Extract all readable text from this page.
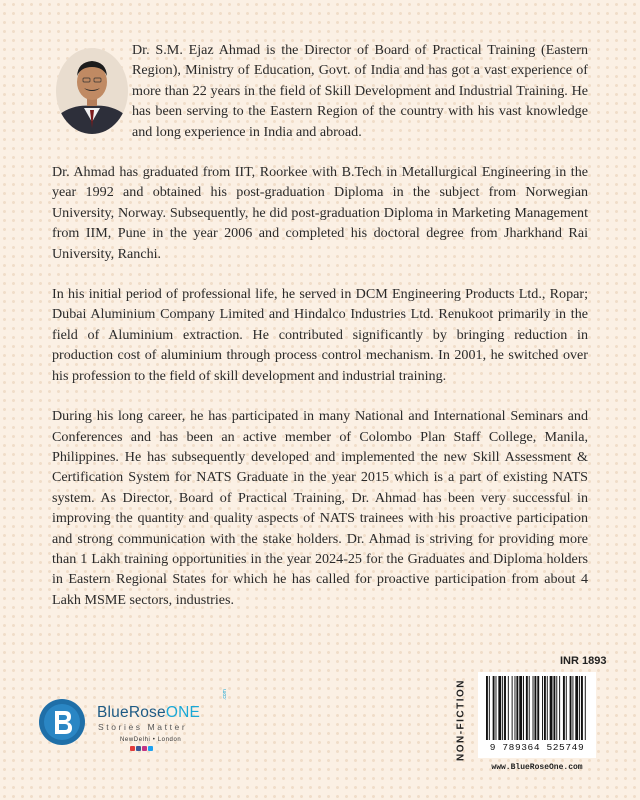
Dr. S.M. Ejaz Ahmad is the Director of Board of Practical Training (Eastern Region), Ministry of Education, Govt. of India and has got a vast experience of more than 22 years in the field of Skill Development and Industrial Training. He has been serving to the Eastern Region of the country with his vast knowledge and long experience in India and abroad.

Dr. Ahmad has graduated from IIT, Roorkee with B.Tech in Metallurgical Engineering in the year 1992 and obtained his post-graduation Diploma in the subject from Norwegian University, Norway. Subsequently, he did post-graduation Diploma in Marketing Management from IIM, Pune in the year 2006 and completed his doctoral degree from Jharkhand Rai University, Ranchi.

In his initial period of professional life, he served in DCM Engineering Products Ltd., Ropar; Dubai Aluminium Company Limited and Hindalco Industries Ltd. Renukoot primarily in the field of Aluminium extraction. He contributed significantly by bringing reduction in production cost of aluminium through process control mechanism. In 2001, he switched over his profession to the field of skill development and industrial training.

During his long career, he has participated in many National and International Seminars and Conferences and has been an active member of Colombo Plan Staff College, Manila, Philippines. He has subsequently developed and implemented the new Skill Assessment & Certification System for NATS Graduate in the year 2015 which is a part of existing NATS system. As Director, Board of Practical Training, Dr. Ahmad has been very successful in improving the quantity and quality aspects of NATS trainees with his proactive participation and strong communication with the stake holders. Dr. Ahmad is striving for providing more than 1 Lakh training opportunities in the year 2024-25 for the Graduates and Diploma holders in Eastern Regional States for which he has called for proactive participation from about 4 Lakh MSME sectors, industries.

BlueRoseONE
.com
Stories Matter
NewDelhi • London
INR 1893
NON-FICTION	9 789364 525749
www.BlueRoseOne.com
